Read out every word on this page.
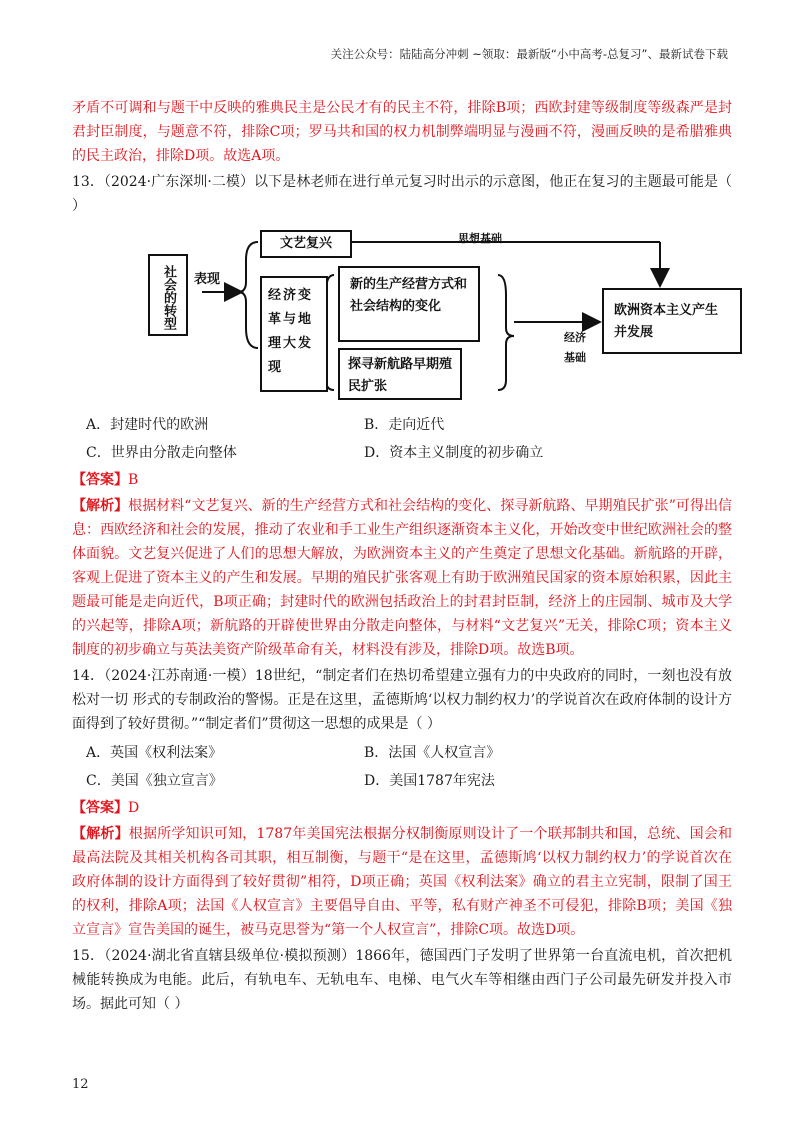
关注公众号：陆陆高分冲刺 ~领取：最新版“小中高考-总复习”、最新试卷下载

矛盾不可调和与题干中反映的雅典民主是公民才有的民主不符，排除B项；西欧封建等级制度等级森严是封君封臣制度，与题意不符，排除C项；罗马共和国的权力机制弊端明显与漫画不符，漫画反映的是希腊雅典的民主政治，排除D项。故选A项。

13．（2024·广东深圳·二模）以下是林老师在进行单元复习时出示的示意图，他正在复习的主题最可能是（ ）

社会的转型	表现
文艺复兴	思想基础
经济变革与地理大发现
新的生产经营方式和社会结构的变化
探寻新航路早期殖民扩张
经济基础
欧洲资本主义产生并发展
A．封建时代的欧洲	B．走向近代
C．世界由分散走向整体	D．资本主义制度的初步确立

【答案】B

【解析】根据材料“文艺复兴、新的生产经营方式和社会结构的变化、探寻新航路、早期殖民扩张”可得出信息：西欧经济和社会的发展，推动了农业和手工业生产组织逐渐资本主义化，开始改变中世纪欧洲社会的整体面貌。文艺复兴促进了人们的思想大解放，为欧洲资本主义的产生奠定了思想文化基础。新航路的开辟，客观上促进了资本主义的产生和发展。早期的殖民扩张客观上有助于欧洲殖民国家的资本原始积累，因此主题最可能是走向近代，B项正确；封建时代的欧洲包括政治上的封君封臣制，经济上的庄园制、城市及大学的兴起等，排除A项；新航路的开辟使世界由分散走向整体，与材料“文艺复兴”无关，排除C项；资本主义制度的初步确立与英法美资产阶级革命有关，材料没有涉及，排除D项。故选B项。

14．（2024·江苏南通·一模）18世纪，“制定者们在热切希望建立强有力的中央政府的同时，一刻也没有放松对一切 形式的专制政治的警惕。正是在这里，孟德斯鸠‘以权力制约权力’的学说首次在政府体制的设计方面得到了较好贯彻。”“制定者们”贯彻这一思想的成果是（ ）

A．英国《权利法案》	B．法国《人权宣言》
C．美国《独立宣言》	D．美国1787年宪法

【答案】D

【解析】根据所学知识可知，1787年美国宪法根据分权制衡原则设计了一个联邦制共和国，总统、国会和最高法院及其相关机构各司其职，相互制衡，与题干“是在这里，孟德斯鸠‘以权力制约权力’的学说首次在政府体制的设计方面得到了较好贯彻”相符，D项正确；英国《权利法案》确立的君主立宪制，限制了国王的权利，排除A项；法国《人权宣言》主要倡导自由、平等，私有财产神圣不可侵犯，排除B项；美国《独立宣言》宣告美国的诞生，被马克思誉为“第一个人权宣言”，排除C项。故选D项。

15．（2024·湖北省直辖县级单位·模拟预测）1866年，德国西门子发明了世界第一台直流电机，首次把机械能转换成为电能。此后，有轨电车、无轨电车、电梯、电气火车等相继由西门子公司最先研发并投入市场。据此可知（ ）

12
